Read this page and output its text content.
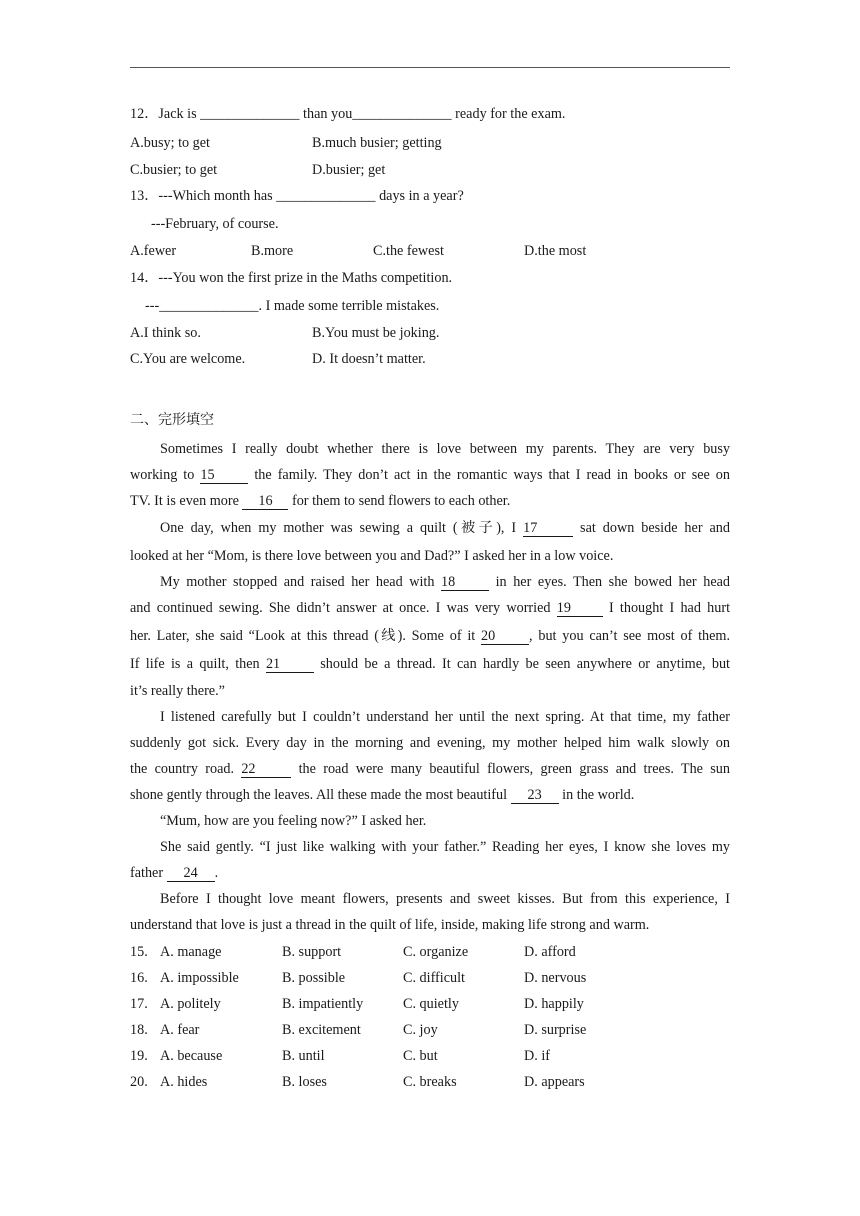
12．Jack is ______________ than you______________ ready for the exam.
A.busy; to get	B.much busier; getting
C.busier; to get	D.busier; get
13．---Which month has ______________ days in a year?
---February, of course.
A.fewer	B.more	C.the fewest	D.the most
14．---You won the first prize in the Maths competition.
---______________. I made some terrible mistakes.
A.I think so.	B.You must be joking.
C.You are welcome.	D. It doesn’t matter.
二、完形填空
Sometimes I really doubt whether there is love between my parents. They are very busy
working to 15 the family. They don’t act in the romantic ways that I read in books or see on
TV. It is even more 16 for them to send flowers to each other.
One day, when my mother was sewing a quilt (被子), I 17	sat down beside her and
looked at her “Mom, is there love between you and Dad?” I asked her in a low voice.
My mother stopped and raised her head with 18 in her eyes. Then she bowed her head
and continued sewing. She didn’t answer at once. I was very worried 19 I thought I had hurt
her. Later, she said “Look at this thread (线). Some of it 20 , but you can’t see most of them.
If life is a quilt, then 21 should be a thread. It can hardly be seen anywhere or anytime, but
it’s really there.”
I listened carefully but I couldn’t understand her until the next spring. At that time, my father
suddenly got sick. Every day in the morning and evening, my mother helped him walk slowly on
the country road. 22	the road were many beautiful flowers, green grass and trees. The sun
shone gently through the leaves. All these made the most beautiful 23 in the world.
“Mum, how are you feeling now?” I asked her.
She said gently. “I just like walking with your father.” Reading her eyes, I know she loves my
father 24 .
Before I thought love meant flowers, presents and sweet kisses. But from this experience, I
understand that love is just a thread in the quilt of life, inside, making life strong and warm.
15. A. manage	B. support	C. organize	D. afford
16. A. impossible	B. possible	C. difficult	D. nervous
17. A. politely	B. impatiently	C. quietly	D. happily
18. A. fear	B. excitement	C. joy	D. surprise
19. A. because	B. until	C. but	D. if
20. A. hides	B. loses	C. breaks	D. appears
